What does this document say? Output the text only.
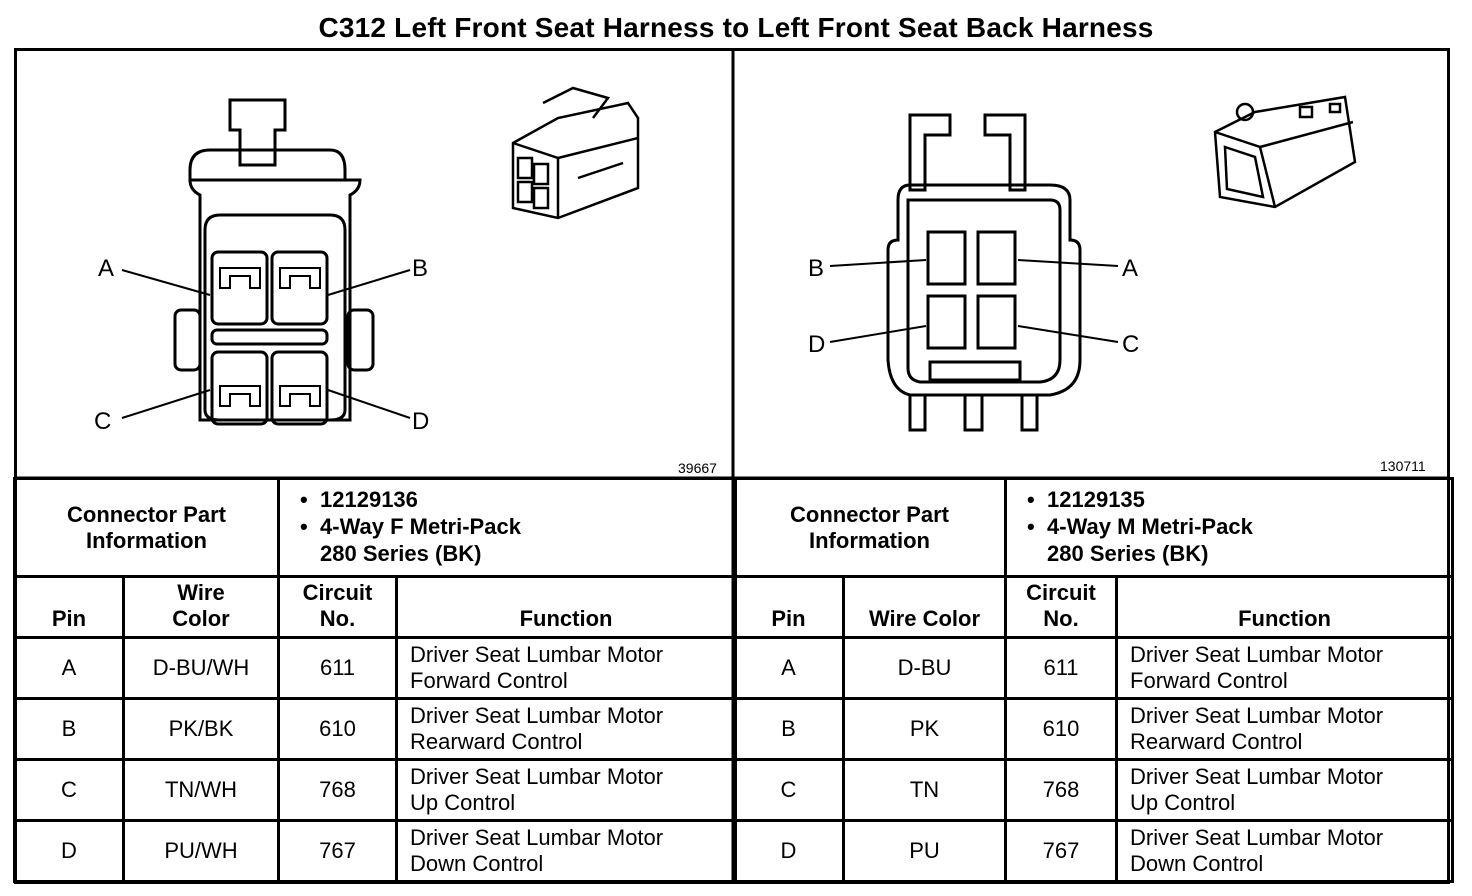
C312 Left Front Seat Harness to Left Front Seat Back Harness
A	B
C	D
39667
B	A
D	C
130711
Connector Part Information		• 12129136
• 4-Way F Metri-Pack
280 Series (BK)	

Pin	Wire Color	Circuit No.	Function
A	D-BU/WH	611	Driver Seat Lumbar Motor
Forward Control

B	PK/BK	610	Driver Seat Lumbar Motor
Rearward Control

C	TN/WH	768	Driver Seat Lumbar Motor
Up Control

D	PU/WH	767	Driver Seat Lumbar Motor
Down Control
Connector Part Information		• 12129135
• 4-Way M Metri-Pack
280 Series (BK)	

Pin	Wire Color	Circuit No.	Function
A	D-BU	611	Driver Seat Lumbar Motor
Forward Control

B	PK	610	Driver Seat Lumbar Motor
Rearward Control

C	TN	768	Driver Seat Lumbar Motor
Up Control

D	PU	767	Driver Seat Lumbar Motor
Down Control
